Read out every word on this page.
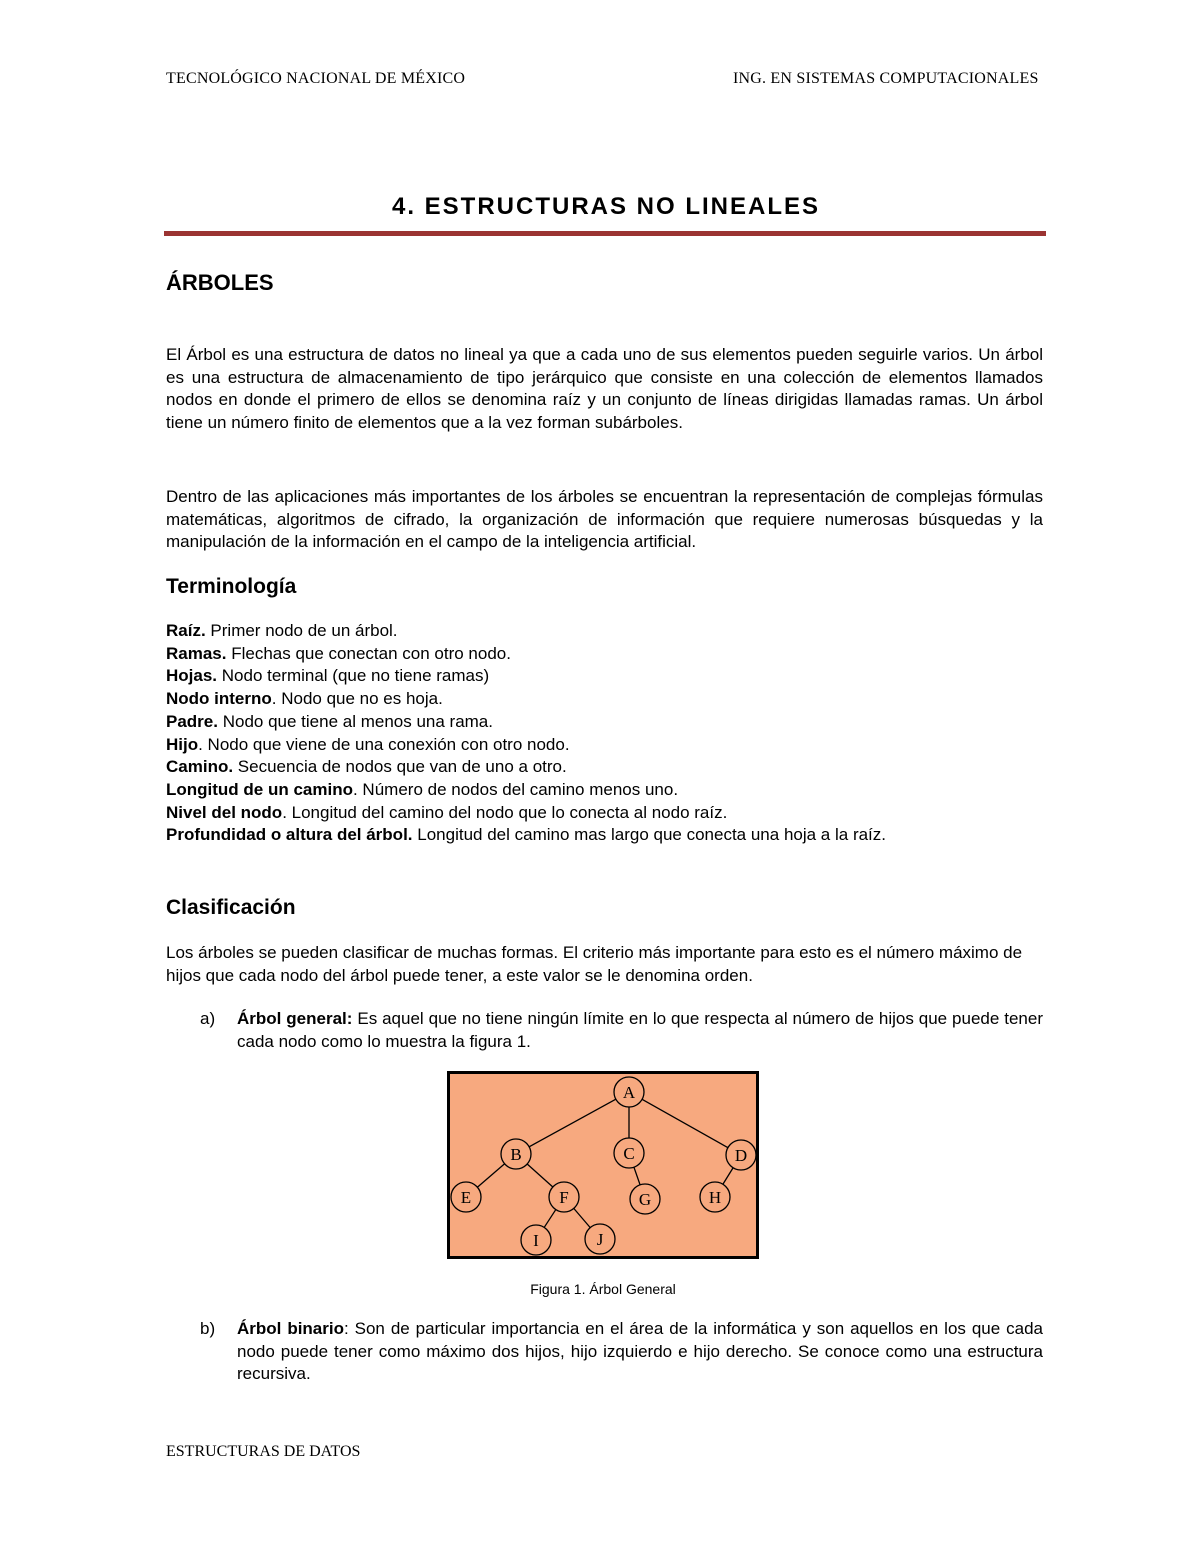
TECNOLÓGICO NACIONAL DE MÉXICO	ING. EN SISTEMAS COMPUTACIONALES
4. ESTRUCTURAS NO LINEALES
ÁRBOLES

El Árbol es una estructura de datos no lineal ya que a cada uno de sus elementos pueden seguirle varios. Un árbol es una estructura de almacenamiento de tipo jerárquico que consiste en una colección de elementos llamados nodos en donde el primero de ellos se denomina raíz y un conjunto de líneas dirigidas llamadas ramas. Un árbol tiene un número finito de elementos que a la vez forman subárboles.

Dentro de las aplicaciones más importantes de los árboles se encuentran la representación de complejas fórmulas matemáticas, algoritmos de cifrado, la organización de información que requiere numerosas búsquedas y la manipulación de la información en el campo de la inteligencia artificial.

Terminología
Raíz. Primer nodo de un árbol.
Ramas. Flechas que conectan con otro nodo.
Hojas. Nodo terminal (que no tiene ramas)
Nodo interno. Nodo que no es hoja.
Padre. Nodo que tiene al menos una rama.
Hijo. Nodo que viene de una conexión con otro nodo.
Camino. Secuencia de nodos que van de uno a otro.
Longitud de un camino. Número de nodos del camino menos uno.
Nivel del nodo. Longitud del camino del nodo que lo conecta al nodo raíz.
Profundidad o altura del árbol. Longitud del camino mas largo que conecta una hoja a la raíz.
Clasificación

Los árboles se pueden clasificar de muchas formas. El criterio más importante para esto es el número máximo de hijos que cada nodo del árbol puede tener, a este valor se le denomina orden.

a) Árbol general: Es aquel que no tiene ningún límite en lo que respecta al número de hijos que puede tener cada nodo como lo muestra la figura 1.
A
B	C	D
E	F	G	H
I	J
Figura 1. Árbol General
b) Árbol binario: Son de particular importancia en el área de la informática y son aquellos en los que cada nodo puede tener como máximo dos hijos, hijo izquierdo e hijo derecho. Se conoce como una estructura recursiva.
ESTRUCTURAS DE DATOS
